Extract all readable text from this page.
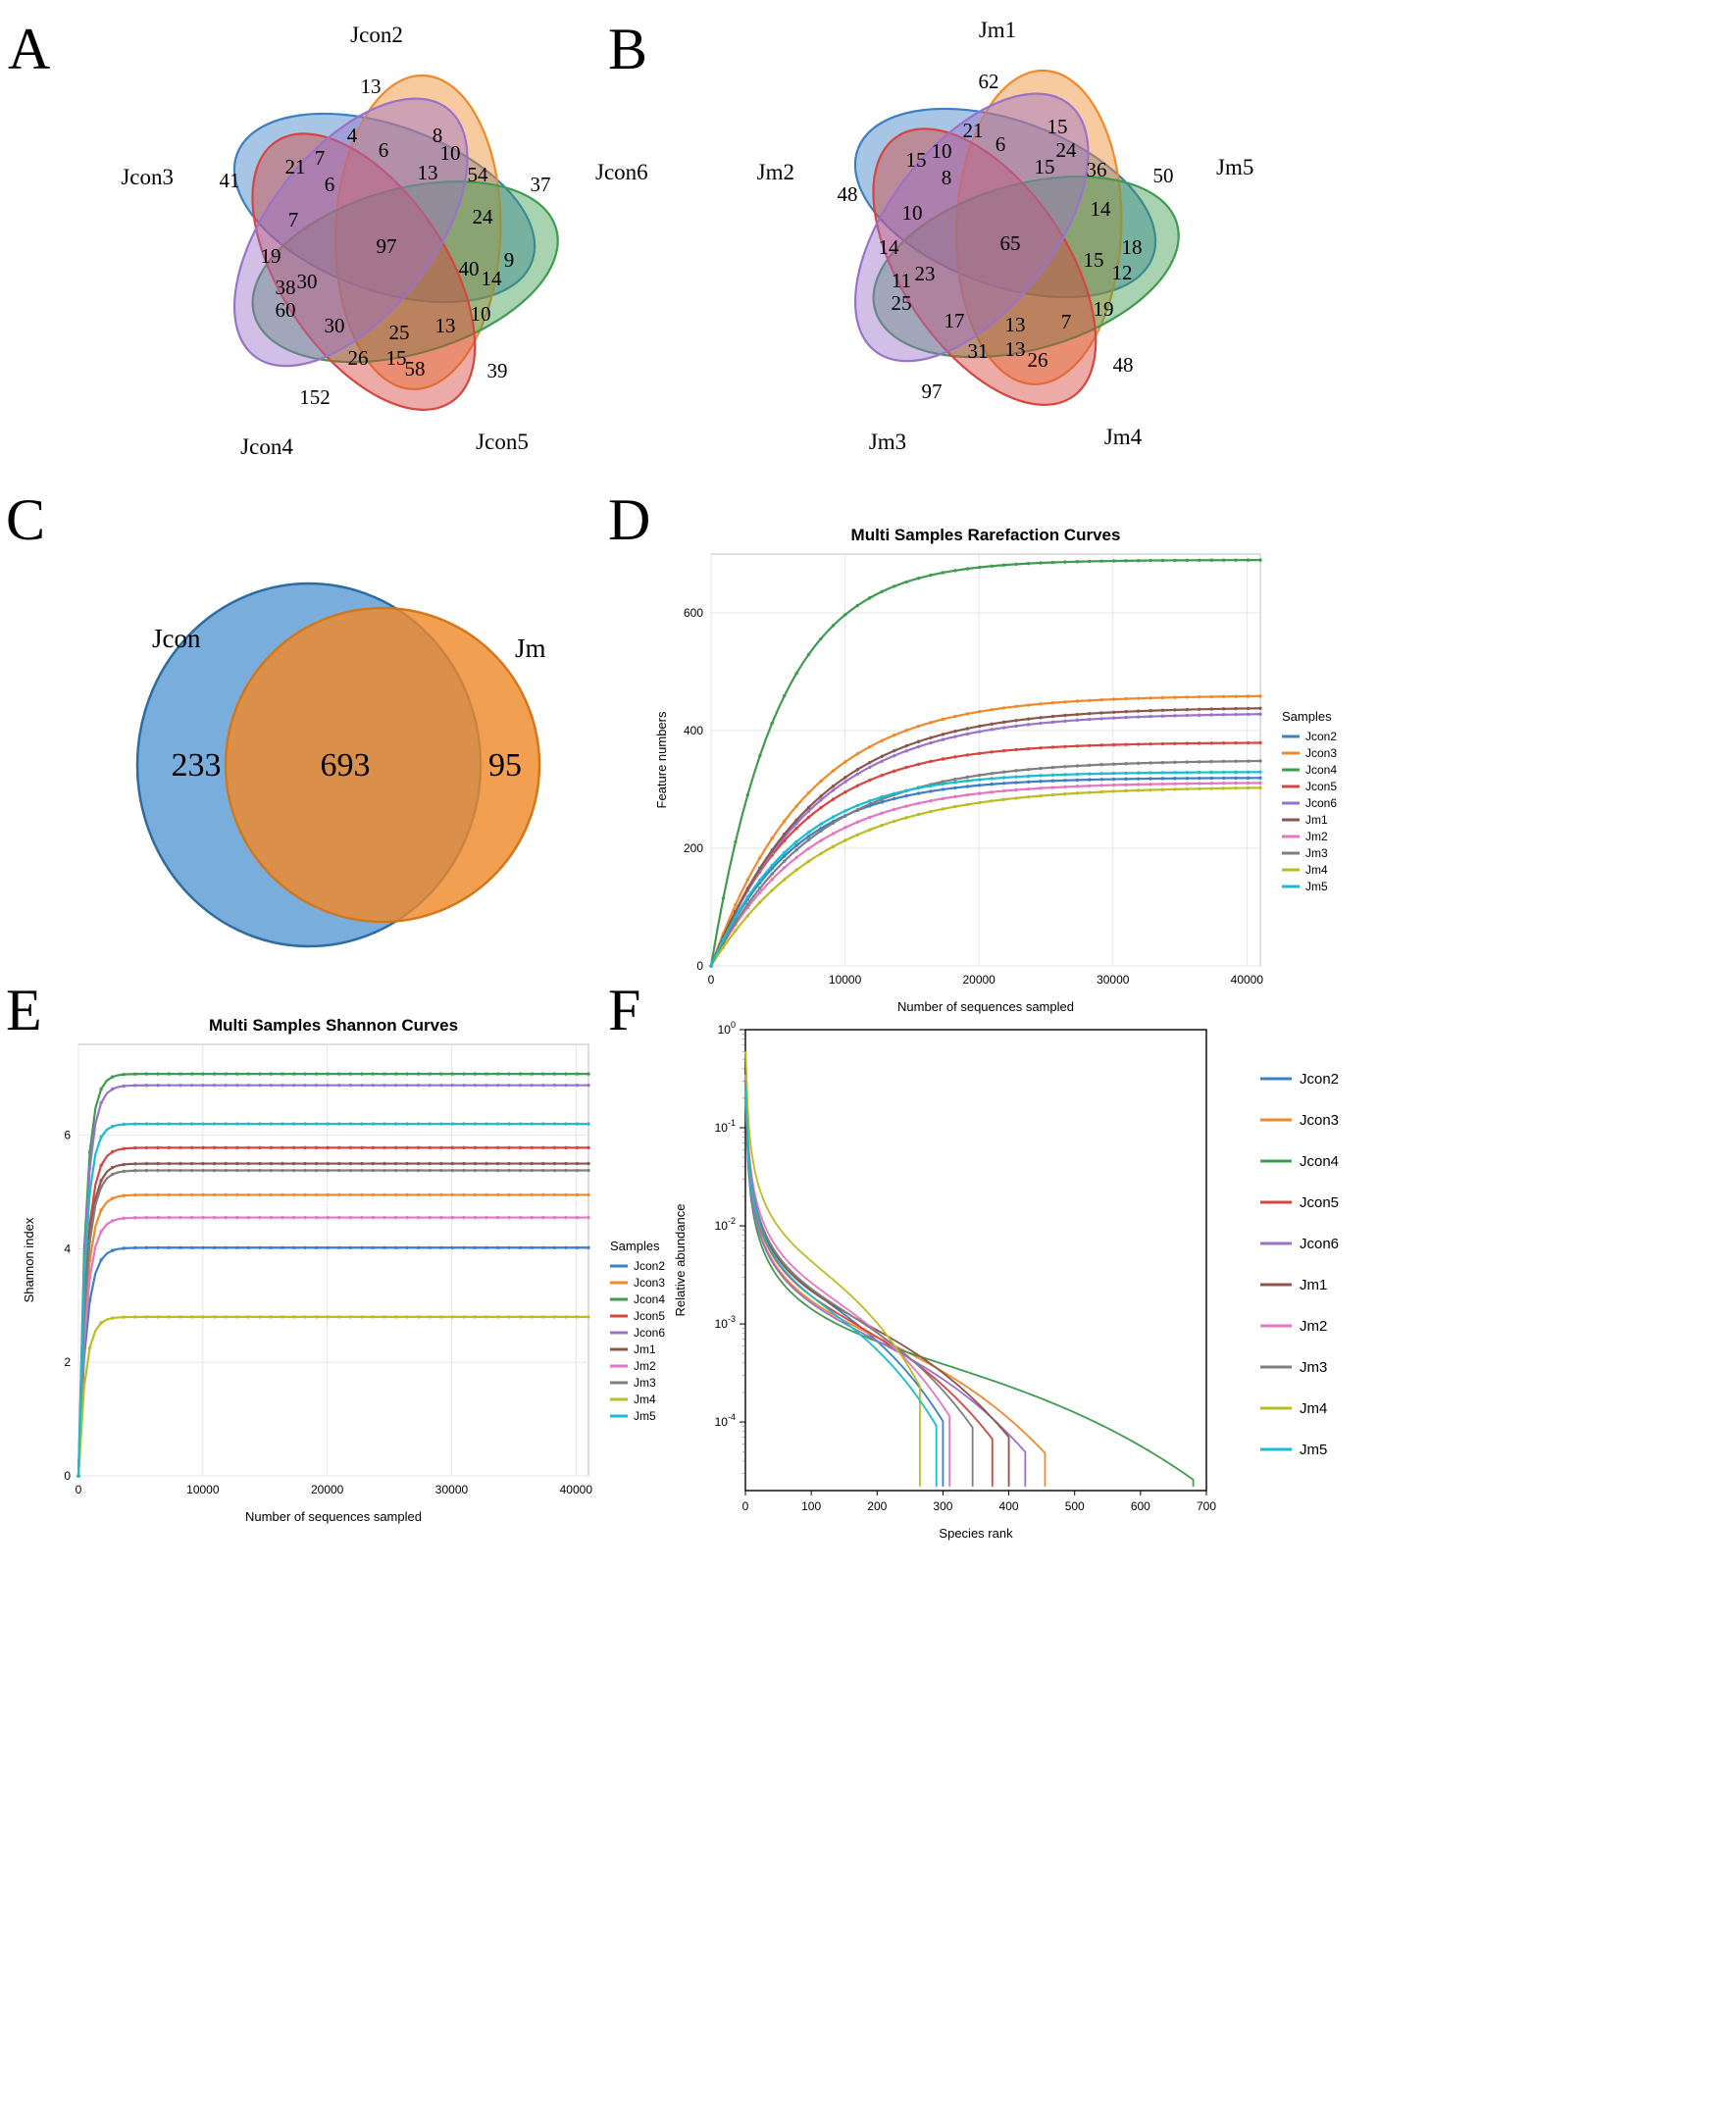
A	B
C	D
E	F
13
41	37
152
39
4	8
6
7
21
10
13 54
6
7	24
19	97
40 9
38 30	14
60
30 25 13 10
26 15
58
Jcon2
Jcon3
Jcon4	Jcon5
Jcon6
62
48
50
97
48
21	15
15 10 6 24
8	15 36
10	14
14	65	18
15
11 23	12
25
17 13 7
19
31 13 26
Jm1
Jm2
Jm3	Jm4
Jm5
233	693	95
Jcon	Jm
0	10000	20000	30000	40000
0
200
400
600
Multi Samples Rarefaction Curves
Number of sequences sampled
Feature numbers	Samples
Jcon2
Jcon3
Jcon4
Jcon5
Jcon6
Jm1
Jm2
Jm3
Jm4
Jm5
0	10000	20000	30000	40000
0
2
4
6
Multi Samples Shannon Curves
Number of sequences sampled
Shannon index	Samples
Jcon2
Jcon3
Jcon4
Jcon5
Jcon6
Jm1
Jm2
Jm3
Jm4
Jm5
0	100	200	300	400	500	600	700
$10^0$
$10^{-1}$
$10^{-2}$
$10^{-3}$
$10^{-4}$
Species rank
Relative abundance
Jcon2
Jcon3
Jcon4
Jcon5
Jcon6
Jm1
Jm2
Jm3
Jm4
Jm5
